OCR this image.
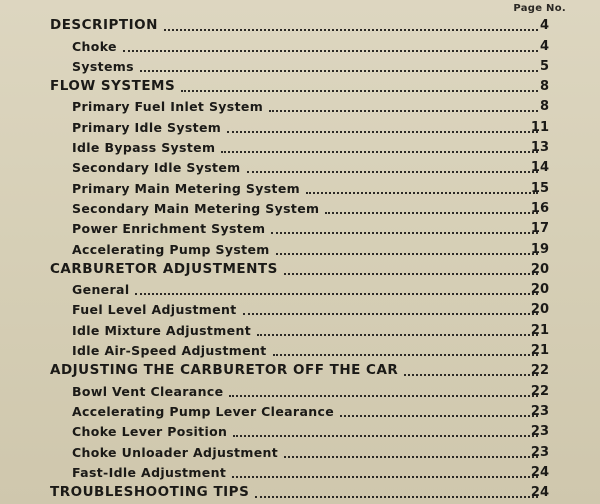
Page No.
DESCRIPTION	4
Choke	4
Systems	5
FLOW SYSTEMS	8
Primary Fuel Inlet System	8
Primary Idle System	11
Idle Bypass System	13
Secondary Idle System	14
Primary Main Metering System	15
Secondary Main Metering System	16
Power Enrichment System	17
Accelerating Pump System	19
CARBURETOR ADJUSTMENTS	20
General	20
Fuel Level Adjustment	20
Idle Mixture Adjustment	21
Idle Air-Speed Adjustment	21
ADJUSTING THE CARBURETOR OFF THE CAR	22
Bowl Vent Clearance	22
Accelerating Pump Lever Clearance	23
Choke Lever Position	23
Choke Unloader Adjustment	23
Fast-Idle Adjustment	24
TROUBLESHOOTING TIPS	24
